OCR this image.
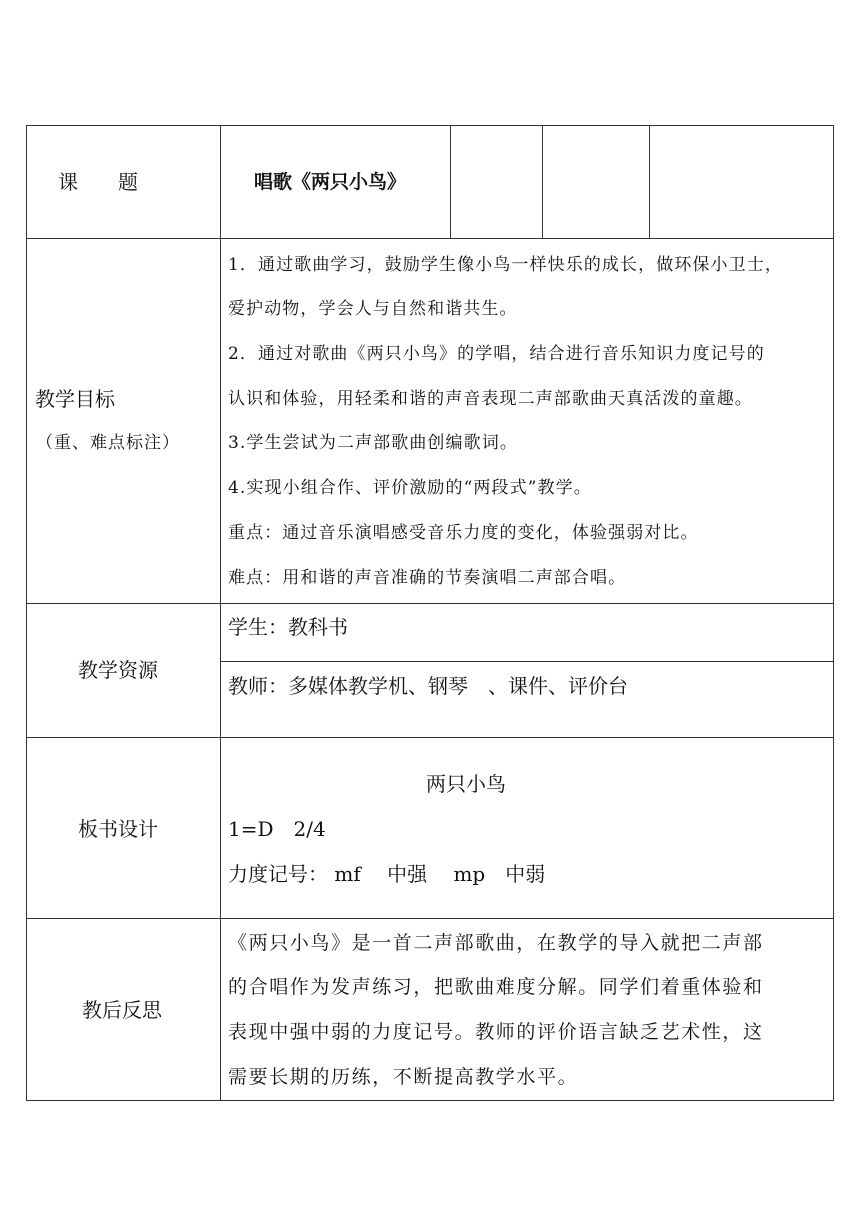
课　　题	唱歌《两只小鸟》
教学目标
（重、难点标注）
1．通过歌曲学习，鼓励学生像小鸟一样快乐的成长，做环保小卫士，
爱护动物，学会人与自然和谐共生。
2．通过对歌曲《两只小鸟》的学唱，结合进行音乐知识力度记号的
认识和体验，用轻柔和谐的声音表现二声部歌曲天真活泼的童趣。
3.学生尝试为二声部歌曲创编歌词。
4.实现小组合作、评价激励的“两段式”教学。
重点：通过音乐演唱感受音乐力度的变化，体验强弱对比。
难点：用和谐的声音准确的节奏演唱二声部合唱。
教学资源
学生：教科书
教师：多媒体教学机、钢琴　、课件、评价台
板书设计
两只小鸟
1=D　2/4
力度记号： mf　 中强　 mp　中弱
教后反思
《两只小鸟》是一首二声部歌曲，在教学的导入就把二声部
的合唱作为发声练习，把歌曲难度分解。同学们着重体验和
表现中强中弱的力度记号。教师的评价语言缺乏艺术性，这
需要长期的历练，不断提高教学水平。
